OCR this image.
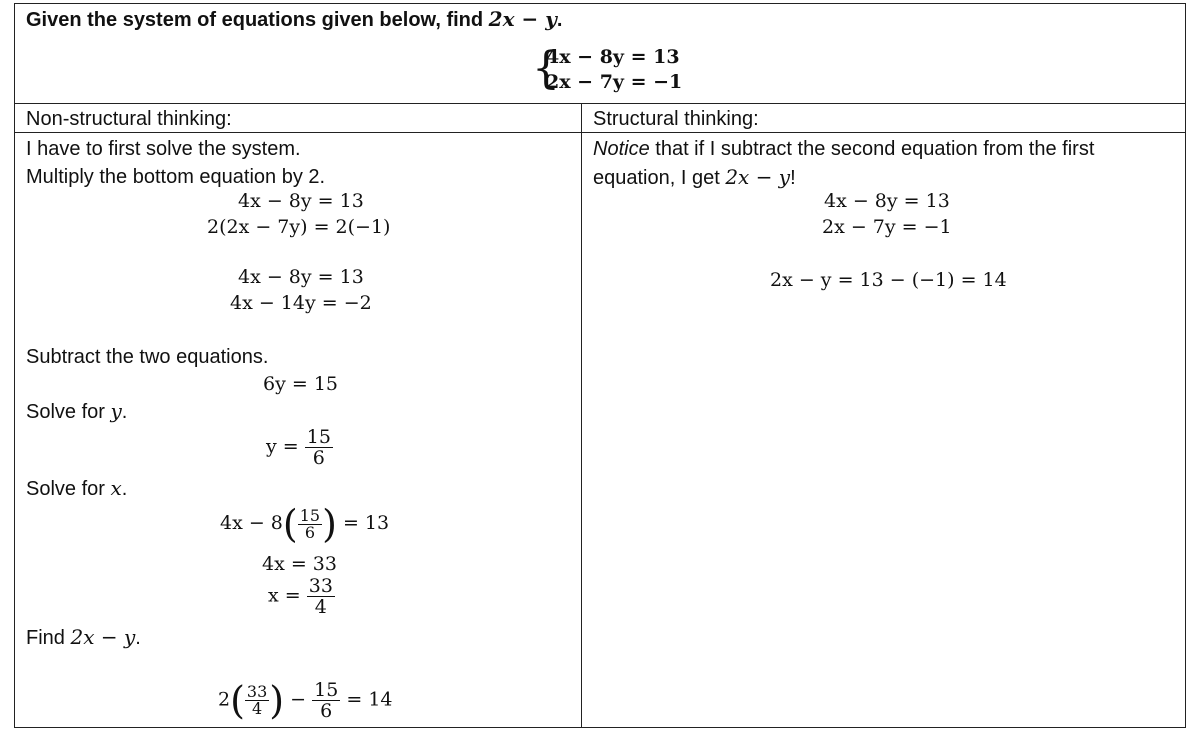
Given the system of equations given below, find 2x − y.
{
4x − 8y = 13
2x − 7y = −1
Non-structural thinking:	Structural thinking:
I have to first solve the system.
Multiply the bottom equation by 2.
4x − 8y = 13
2(2x − 7y) = 2(−1)
4x − 8y = 13
4x − 14y = −2
Subtract the two equations.
6y = 15
Solve for y.
$y = \frac{15}{6}$
Solve for x.
$4x - 8( \frac{15}{6}$ ) = 13
4x = 33
$x = \frac{33}{4}$
Find 2x − y.
$2( \frac{33}{4}$ ) − $\frac{15}{6} = 14$
Notice that if I subtract the second equation from the first
equation, I get 2x − y!
4x − 8y = 13
2x − 7y = −1
2x − y = 13 − (−1) = 14
